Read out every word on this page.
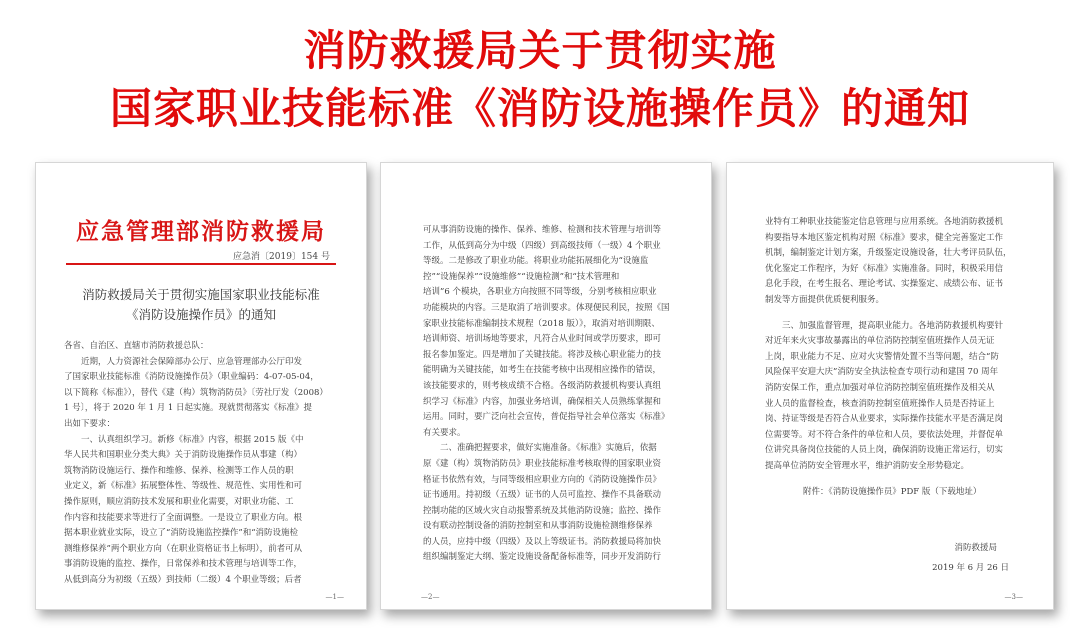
消防救援局关于贯彻实施
国家职业技能标准《消防设施操作员》的通知
应急管理部消防救援局
应急消〔2019〕154 号
消防救援局关于贯彻实施国家职业技能标准
《消防设施操作员》的通知
各省、自治区、直辖市消防救援总队：
　　近期，人力资源社会保障部办公厅、应急管理部办公厅印发
了国家职业技能标准《消防设施操作员》（职业编码：4-07-05-04，
以下简称《标准》），替代《建（构）筑物消防员》〔劳社厅发（2008）
1 号〕，将于 2020 年 1 月 1 日起实施。现就贯彻落实《标准》提
出如下要求：
　　一、认真组织学习。新修《标准》内容，根据 2015 版《中
华人民共和国职业分类大典》关于消防设施操作员从事建（构）
筑物消防设施运行、操作和维修、保养、检测等工作人员的职
业定义，新《标准》拓展整体性、等级性、规范性、实用性和可
操作原则，顺应消防技术发展和职业化需要，对职业功能、工
作内容和技能要求等进行了全面调整。一是设立了职业方向。根
据本职业就业实际，设立了“消防设施监控操作”和“消防设施检
测维修保养”两个职业方向（在职业资格证书上标明），前者可从
事消防设施的监控、操作，日常保养和技术管理与培训等工作，
从低到高分为初级（五级）到技师（二级）4 个职业等级；后者
—1—
可从事消防设施的操作、保养、维修、检测和技术管理与培训等
工作，从低到高分为中级（四级）到高级技师（一级）4 个职业
等级。二是修改了职业功能。将职业功能拓展细化为“设施监
控”“设施保养”“设施维修”“设施检测”和“技术管理和
培训”6 个模块，各职业方向按照不同等级，分别考核相应职业
功能模块的内容。三是取消了培训要求。体现便民利民，按照《国
家职业技能标准编制技术规程（2018 版）》，取消对培训期限、
培训师资、培训场地等要求，凡符合从业时间或学历要求，即可
报名参加鉴定。四是增加了关键技能。将涉及核心职业能力的技
能明确为关键技能，如考生在技能考核中出现相应操作的错误，
该技能要求的，则考核成绩不合格。各级消防救援机构要认真组
织学习《标准》内容，加强业务培训，确保相关人员熟练掌握和
运用。同时，要广泛向社会宣传，普促指导社会单位落实《标准》
有关要求。
　　二、准确把握要求，做好实施准备。《标准》实施后，依据
原《建（构）筑物消防员》职业技能标准考核取得的国家职业资
格证书依然有效，与同等级相应职业方向的《消防设施操作员》
证书通用。持初级（五级）证书的人员可监控、操作不具备联动
控制功能的区域火灾自动报警系统及其他消防设施；监控、操作
设有联动控制设备的消防控制室和从事消防设施检测维修保养
的人员，应持中级（四级）及以上等级证书。消防救援局将加快
组织编制鉴定大纲、鉴定设施设备配备标准等，同步开发消防行
—2—
业特有工种职业技能鉴定信息管理与应用系统。各地消防救援机
构要指导本地区鉴定机构对照《标准》要求，健全完善鉴定工作
机制，编制鉴定计划方案，升级鉴定设施设备，壮大考评员队伍，
优化鉴定工作程序，为好《标准》实施准备。同时，积极采用信
息化手段，在考生报名、理论考试、实操鉴定、成绩公布、证书
制发等方面提供优质便利服务。
　　三、加强监督管理，提高职业能力。各地消防救援机构要针
对近年来火灾事故暴露出的单位消防控制室值班操作人员无证
上岗，职业能力不足、应对火灾警情处置不当等问题，结合“防
风险保平安迎大庆”消防安全执法检查专项行动和建国 70 周年
消防安保工作，重点加强对单位消防控制室值班操作及相关从
业人员的监督检查，核查消防控制室值班操作人员是否持证上
岗、持证等级是否符合从业要求，实际操作技能水平是否满足岗
位需要等。对不符合条件的单位和人员，要依法处理，并督促单
位讲究具备岗位技能的人员上岗，确保消防设施正常运行，切实
提高单位消防安全管理水平，维护消防安全形势稳定。
附件：《消防设施操作员》PDF 版（下载地址）
消防救援局
2019 年 6 月 26 日
—3—
